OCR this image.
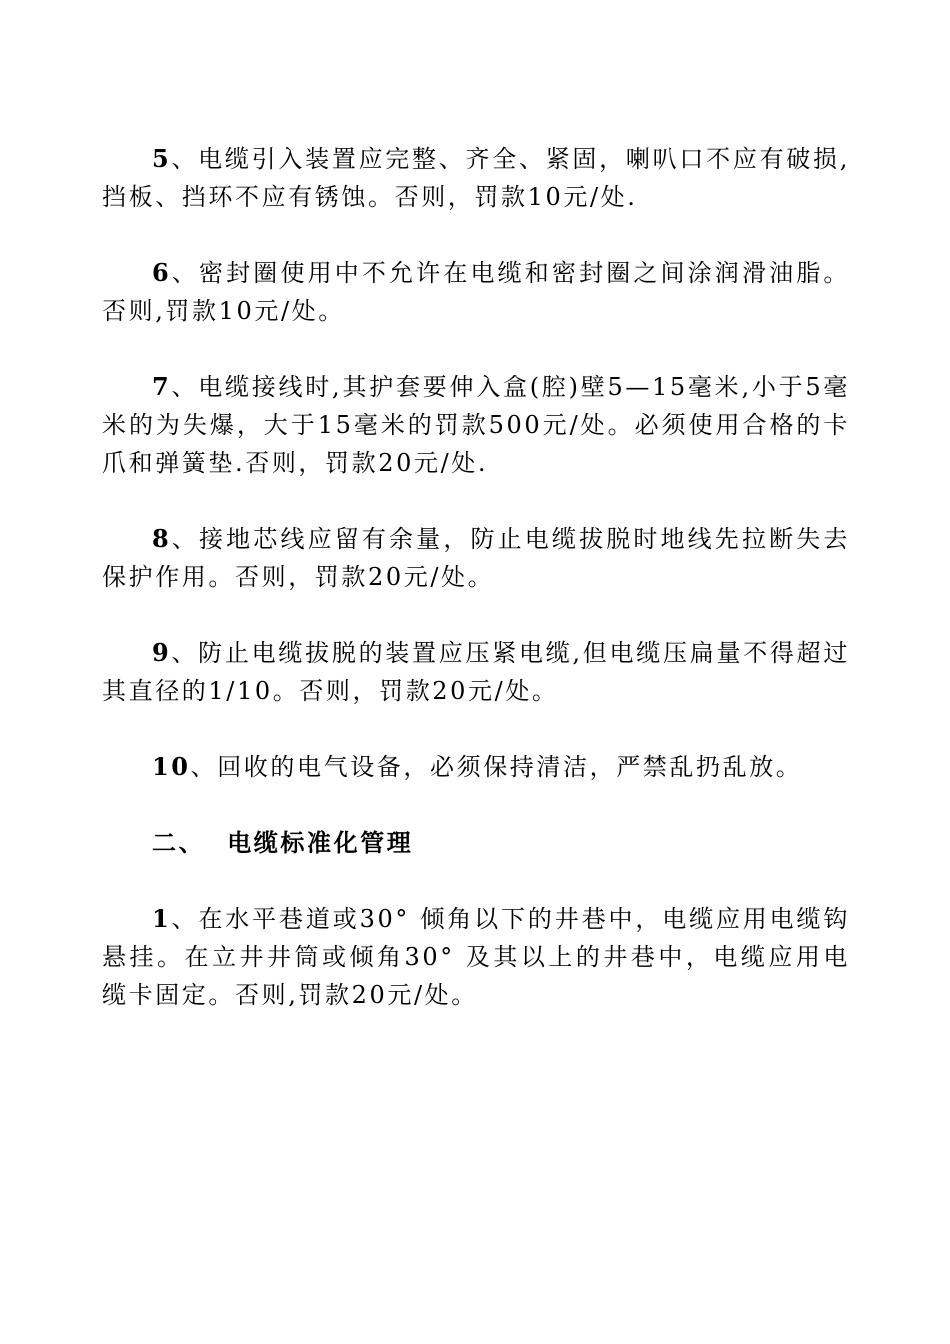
5、电缆引入装置应完整、齐全、紧固，喇叭口不应有破损,挡板、挡环不应有锈蚀。否则，罚款10元/处.

6、密封圈使用中不允许在电缆和密封圈之间涂润滑油脂。否则,罚款10元/处。

7、电缆接线时,其护套要伸入盒(腔)壁5—15毫米,小于5毫米的为失爆，大于15毫米的罚款500元/处。必须使用合格的卡爪和弹簧垫.否则，罚款20元/处.

8、接地芯线应留有余量，防止电缆拔脱时地线先拉断失去保护作用。否则，罚款20元/处。

9、防止电缆拔脱的装置应压紧电缆,但电缆压扁量不得超过其直径的1/10。否则，罚款20元/处。

10、回收的电气设备，必须保持清洁，严禁乱扔乱放。

二、 电缆标准化管理

1、在水平巷道或30° 倾角以下的井巷中，电缆应用电缆钩悬挂。在立井井筒或倾角30° 及其以上的井巷中，电缆应用电缆卡固定。否则,罚款20元/处。
